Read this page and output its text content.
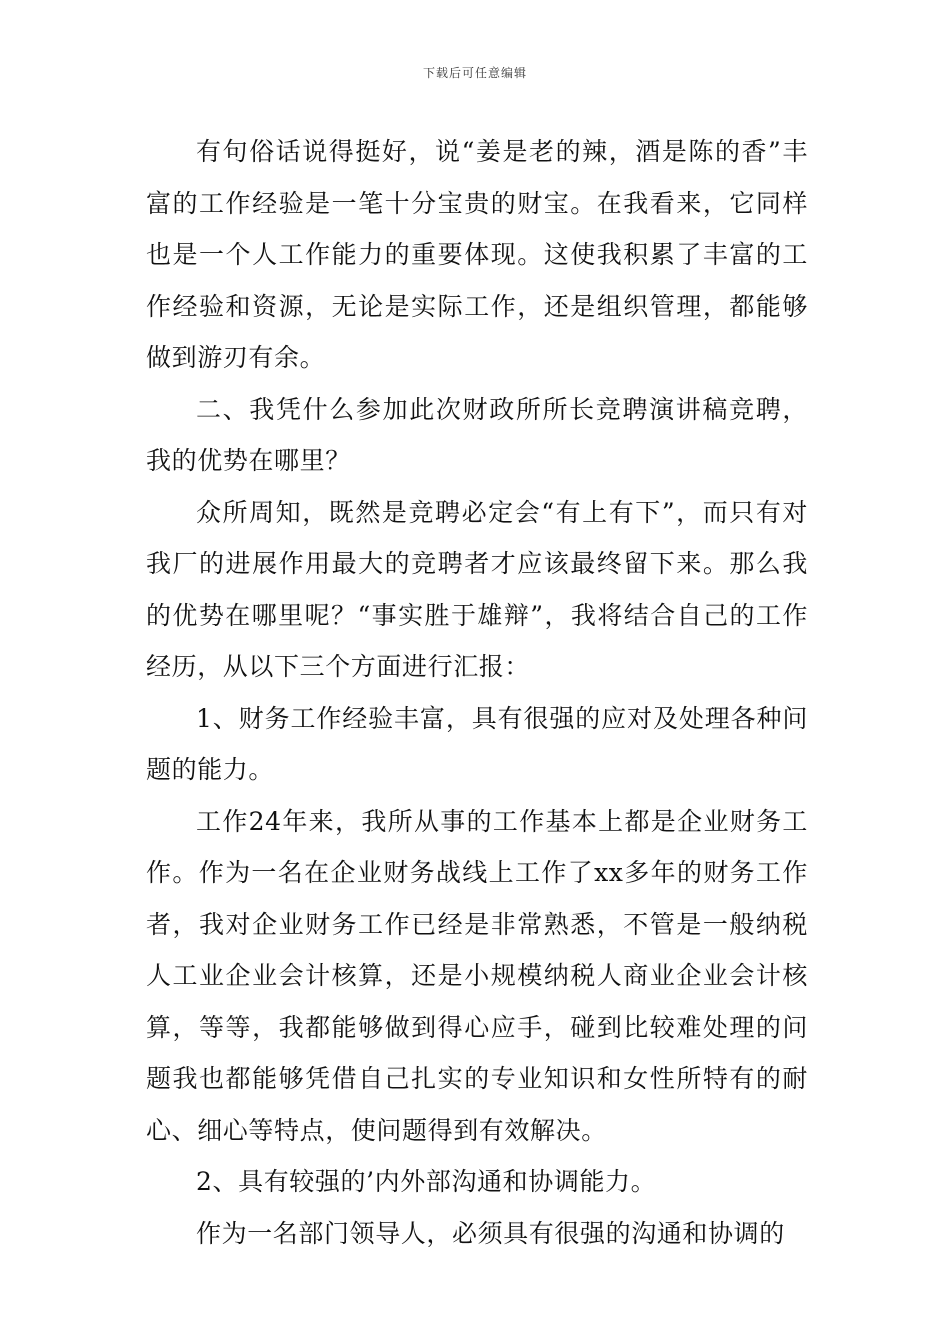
下载后可任意编辑

有句俗话说得挺好，说“姜是老的辣，酒是陈的香”丰富的工作经验是一笔十分宝贵的财宝。在我看来，它同样也是一个人工作能力的重要体现。这使我积累了丰富的工作经验和资源，无论是实际工作，还是组织管理，都能够做到游刃有余。

二、我凭什么参加此次财政所所长竞聘演讲稿竞聘，我的优势在哪里？

众所周知，既然是竞聘必定会“有上有下”，而只有对我厂的进展作用最大的竞聘者才应该最终留下来。那么我的优势在哪里呢？“事实胜于雄辩”，我将结合自己的工作经历，从以下三个方面进行汇报：

1、财务工作经验丰富，具有很强的应对及处理各种问题的能力。

工作24年来，我所从事的工作基本上都是企业财务工作。作为一名在企业财务战线上工作了xx多年的财务工作者，我对企业财务工作已经是非常熟悉，不管是一般纳税人工业企业会计核算，还是小规模纳税人商业企业会计核算，等等，我都能够做到得心应手，碰到比较难处理的问题我也都能够凭借自己扎实的专业知识和女性所特有的耐心、细心等特点，使问题得到有效解决。

2、具有较强的’内外部沟通和协调能力。

作为一名部门领导人，必须具有很强的沟通和协调的
